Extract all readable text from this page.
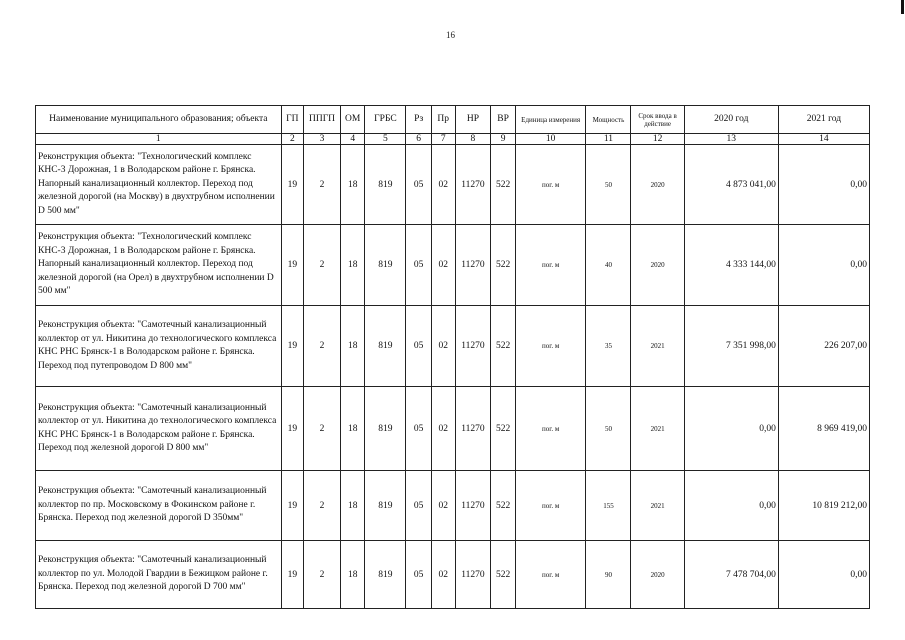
16
Наименование муниципального образования; объекта	ГП	ППГП	ОМ	ГРБС	Рз	Пр	НР	ВР	Единица измерения	Мощность	Срок ввода в действие	2020 год	2021 год
1	2	3	4	5	6	7	8	9	10	11	12	13	14
Реконструкция объекта: "Технологический комплекс КНС-3 Дорожная, 1 в Володарском районе г. Брянска. Напорный канализационный коллектор. Переход под железной дорогой (на Москву) в двухтрубном исполнении D 500 мм"	19	2	18	819	05	02	11270	522	пог. м	50	2020	4 873 041,00	0,00
Реконструкция объекта: "Технологический комплекс КНС-3 Дорожная, 1 в Володарском районе г. Брянска. Напорный канализационный коллектор. Переход под железной дорогой (на Орел) в двухтрубном исполнении D 500 мм"	19	2	18	819	05	02	11270	522	пог. м	40	2020	4 333 144,00	0,00
Реконструкция объекта: "Самотечный канализационный коллектор от ул. Никитина до технологического комплекса КНС РНС Брянск-1 в Володарском районе г. Брянска. Переход под путепроводом D 800 мм"	19	2	18	819	05	02	11270	522	пог. м	35	2021	7 351 998,00	226 207,00
Реконструкция объекта: "Самотечный канализационный коллектор от ул. Никитина до технологического комплекса КНС РНС Брянск-1 в Володарском районе г. Брянска. Переход под железной дорогой D 800 мм"	19	2	18	819	05	02	11270	522	пог. м	50	2021	0,00	8 969 419,00
Реконструкция объекта: "Самотечный канализационный коллектор по пр. Московскому в Фокинском районе г. Брянска. Переход под железной дорогой D 350мм"	19	2	18	819	05	02	11270	522	пог. м	155	2021	0,00	10 819 212,00
Реконструкция объекта: "Самотечный канализационный коллектор по ул. Молодой Гвардии в Бежицком районе г. Брянска. Переход под железной дорогой D 700 мм"	19	2	18	819	05	02	11270	522	пог. м	90	2020	7 478 704,00	0,00
